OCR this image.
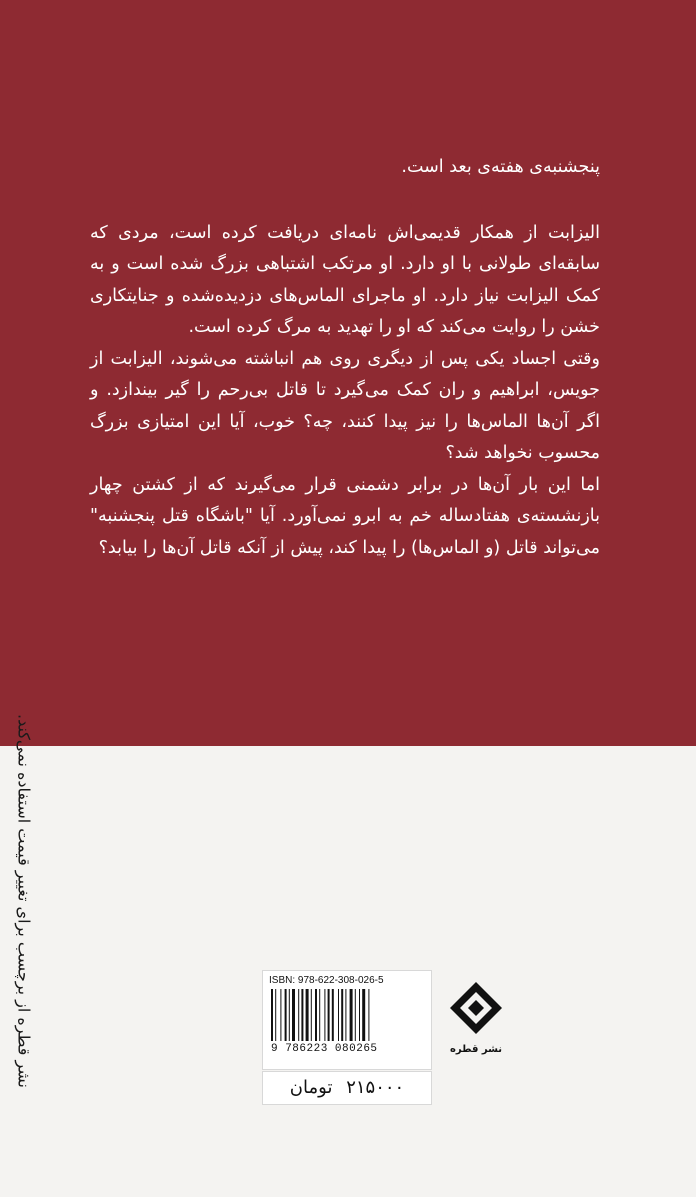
پنجشنبه‌ی هفته‌ی بعد است.

الیزابت از همکار قدیمی‌اش نامه‌ای دریافت کرده است، مردی که سابقه‌ای طولانی با او دارد. او مرتکب اشتباهی بزرگ شده است و به کمک الیزابت نیاز دارد. او ماجرای الماس‌های دزدیده‌شده و جنایتکاری خشن را روایت می‌کند که او را تهدید به مرگ کرده است.

وقتی اجساد یکی پس از دیگری روی هم انباشته می‌شوند، الیزابت از جویس، ابراهیم و ران کمک می‌گیرد تا قاتل بی‌رحم را گیر بیندازد. و اگر آن‌ها الماس‌ها را نیز پیدا کنند، چه؟ خوب، آیا این امتیازی بزرگ محسوب نخواهد شد؟

اما این بار آن‌ها در برابر دشمنی قرار می‌گیرند که از کشتن چهار بازنشسته‌ی هفتادساله خم به ابرو نمی‌آورد. آیا "باشگاه قتل پنجشنبه" می‌تواند قاتل (و الماس‌ها) را پیدا کند، پیش از آنکه قاتل آن‌ها را بیابد؟

نشر قطره از برچسب برای تغییر قیمت استفاده نمی‌کند.	ISBN: 978-622-308-026-5
9 786223 080265	نشر قطره
۲۱۵۰۰۰ تومان
